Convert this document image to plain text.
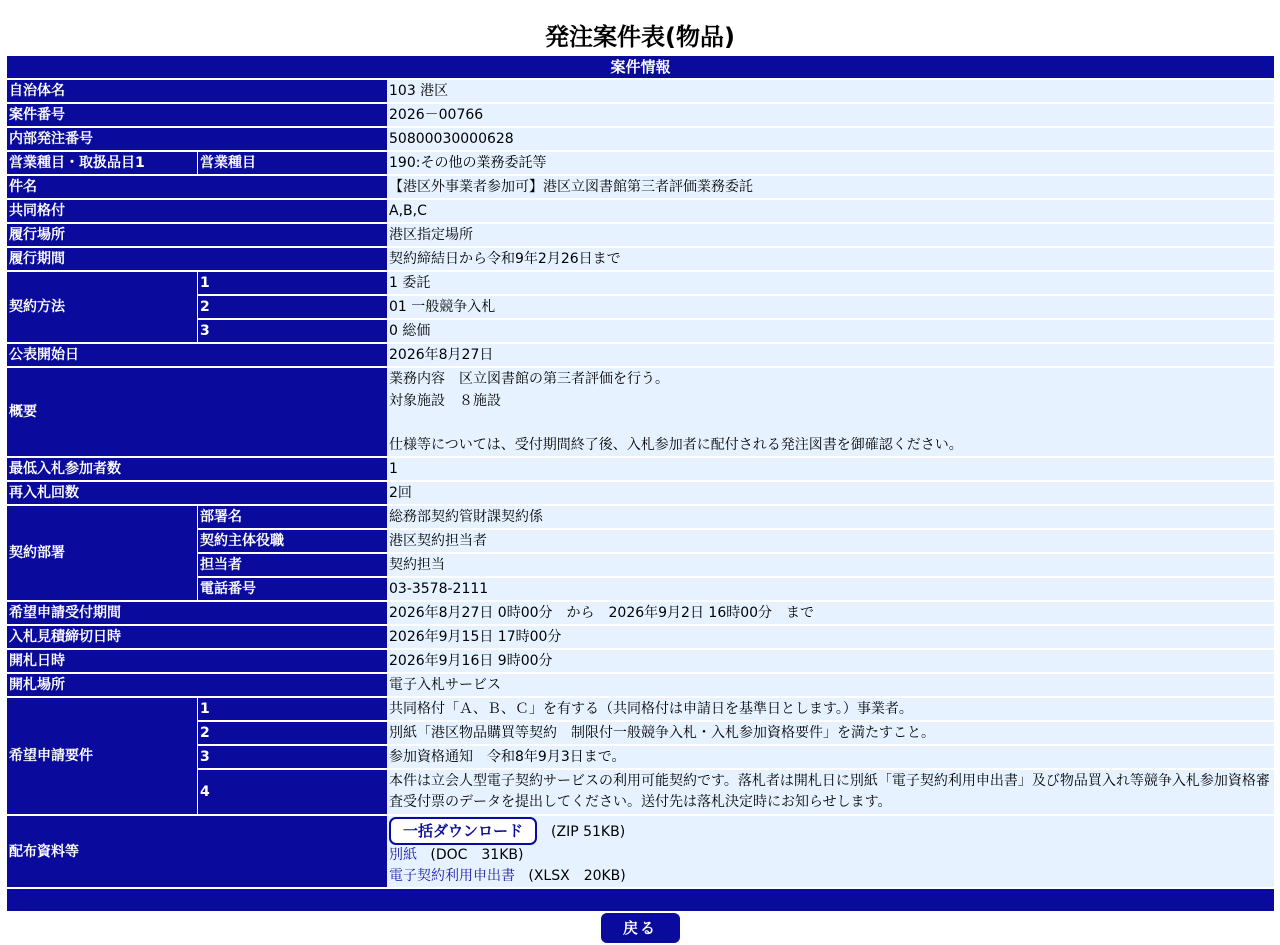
発注案件表(物品)
案件情報		
自治体名		103 港区
案件番号		2026－00766
内部発注番号		50800030000628
営業種目・取扱品目1	営業種目	190:その他の業務委託等
件名		【港区外事業者参加可】港区立図書館第三者評価業務委託
共同格付		A,B,C
履行場所		港区指定場所
履行期間		契約締結日から令和9年2月26日まで
契約方法	1	1 委託
	2	01 一般競争入札
	3	0 総価
公表開始日		2026年8月27日
概要		業務内容　区立図書館の第三者評価を行う。
対象施設　８施設
仕様等については、受付期間終了後、入札参加者に配付される発注図書を御確認ください。

最低入札参加者数		1
再入札回数		2回
契約部署	部署名	総務部契約管財課契約係
	契約主体役職	港区契約担当者
	担当者	契約担当
	電話番号	03-3578-2111
希望申請受付期間		2026年8月27日 0時00分　から　2026年9月2日 16時00分　まで
入札見積締切日時		2026年9月15日 17時00分
開札日時		2026年9月16日 9時00分
開札場所		電子入札サービス
希望申請要件	1	共同格付「Ａ、Ｂ、Ｃ」を有する（共同格付は申請日を基準日とします。）事業者。
	2	別紙「港区物品購買等契約　制限付一般競争入札・入札参加資格要件」を満たすこと。
	3	参加資格通知　令和8年9月3日まで。
	4	本件は立会人型電子契約サービスの利用可能契約です。落札者は開札日に別紙「電子契約利用申出書」及び物品買入れ等競争入札参加資格審査受付票のデータを提出してください。送付先は落札決定時にお知らせします。
配布資料等		一括ダウンロード (ZIP 51KB)
別紙 (DOC　31KB)
電子契約利用申出書 (XLSX　20KB)

戻る
